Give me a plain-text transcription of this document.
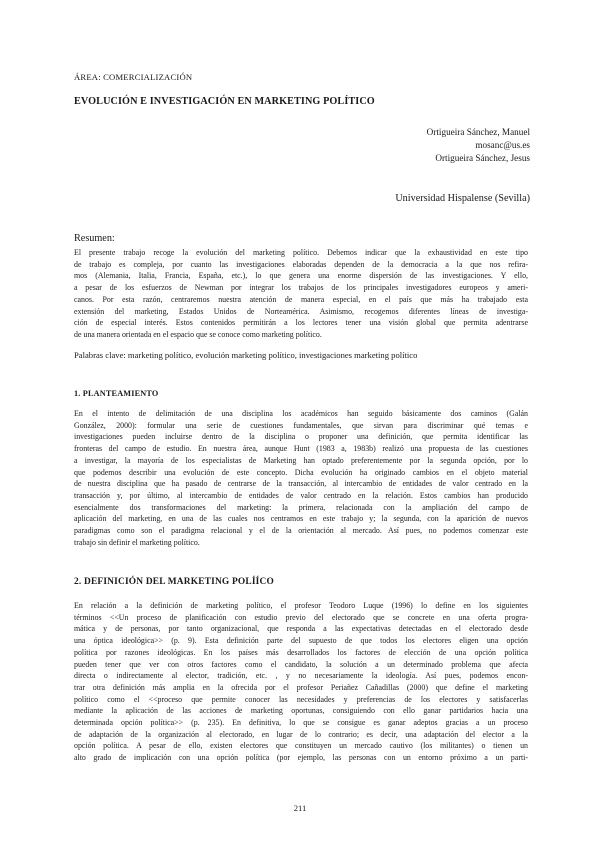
ÁREA: COMERCIALIZACIÓN
EVOLUCIÓN E INVESTIGACIÓN EN MARKETING POLÍTICO
Ortigueira Sánchez, Manuel
mosanc@us.es
Ortigueira Sánchez, Jesus
Universidad Hispalense (Sevilla)
Resumen:
El presente trabajo recoge la evolución del marketing político. Debemos indicar que la exhaustividad en este tipo
de trabajo es compleja, por cuanto las investigaciones elaboradas dependen de la democracia a la que nos refira-
mos (Alemania, Italia, Francia, España, etc.), lo que genera una enorme dispersión de las investigaciones. Y ello,
a pesar de los esfuerzos de Newman por integrar los trabajos de los principales investigadores europeos y ameri-
canos. Por esta razón, centraremos nuestra atención de manera especial, en el país que más ha trabajado esta
extensión del marketing, Estados Unidos de Norteamérica. Asimismo, recogemos diferentes líneas de investiga-
ción de especial interés. Estos contenidos permitirán a los lectores tener una visión global que permita adentrarse
de una manera orientada en el espacio que se conoce como marketing político.
Palabras clave: marketing político, evolución marketing político, investigaciones marketing político
1. PLANTEAMIENTO
En el intento de delimitación de una disciplina los académicos han seguido básicamente dos caminos (Galán
González, 2000): formular una serie de cuestiones fundamentales, que sirvan para discriminar qué temas e
investigaciones pueden incluirse dentro de la disciplina o proponer una definición, que permita identificar las
fronteras del campo de estudio. En nuestra área, aunque Hunt (1983 a, 1983b) realizó una propuesta de las cuestiones
a investigar, la mayoría de los especialistas de Marketing han optado preferentemente por la segunda opción, por lo
que podemos describir una evolución de este concepto. Dicha evolución ha originado cambios en el objeto material
de nuestra disciplina que ha pasado de centrarse de la transacción, al intercambio de entidades de valor centrado en la
transacción y, por último, al intercambio de entidades de valor centrado en la relación. Estos cambios han producido
esencialmente dos transformaciones del marketing: la primera, relacionada con la ampliación del campo de
aplicación del marketing, en una de las cuales nos centramos en este trabajo y; la segunda, con la aparición de nuevos
paradigmas como son el paradigma relacional y el de la orientación al mercado. Así pues, no podemos comenzar este
trabajo sin definir el marketing político.
2. DEFINICIÓN DEL MARKETING POLÍÍCO
En relación a la definición de marketing político, el profesor Teodoro Luque (1996) lo define en los siguientes
términos <<Un proceso de planificación con estudio previo del electorado que se concrete en una oferta progra-
mática y de personas, por tanto organizacional, que responda a las expectativas detectadas en el electorado desde
una óptica ideológica>> (p. 9). Esta definición parte del supuesto de que todos los electores eligen una opción
política por razones ideológicas. En los países más desarrollados los factores de elección de una opción política
pueden tener que ver con otros factores como el candidato, la solución a un determinado problema que afecta
directa o indirectamente al elector, tradición, etc. , y no necesariamente la ideología. Así pues, podemos encon-
trar otra definición más amplia en la ofrecida por el profesor Periañez Cañadillas (2000) que define el marketing
político como el <<proceso que permite conocer las necesidades y preferencias de los electores y satisfacerlas
mediante la aplicación de las acciones de marketing oportunas, consiguiendo con ello ganar partidarios hacia una
determinada opción política>> (p. 235). En definitiva, lo que se consigue es ganar adeptos gracias a un proceso
de adaptación de la organización al electorado, en lugar de lo contrario; es decir, una adaptación del elector a la
opción política. A pesar de ello, existen electores que constituyen un mercado cautivo (los militantes) o tienen un
alto grado de implicación con una opción política (por ejemplo, las personas con un entorno próximo a un parti-
211
